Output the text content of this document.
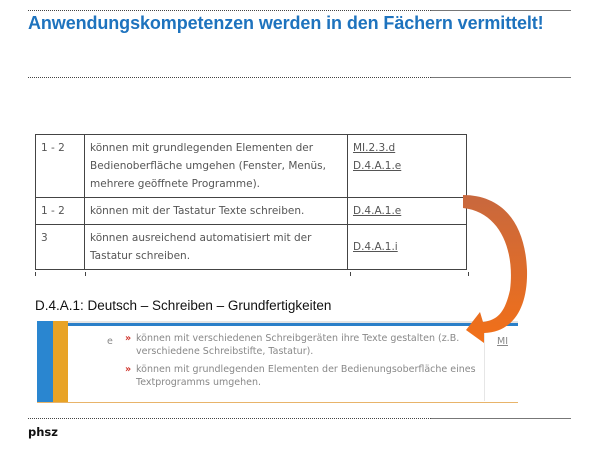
Anwendungskompetenzen werden in den Fächern vermittelt!
1 - 2	können mit grundlegenden Elementen der Bedienoberfläche umgehen (Fenster, Menüs, mehrere geöffnete Programme).	MI.2.3.d
D.4.A.1.e

1 - 2	können mit der Tastatur Texte schreiben.	D.4.A.1.e

3	können ausreichend automatisiert mit der Tastatur schreiben.	D.4.A.1.i
D.4.A.1: Deutsch – Schreiben – Grundfertigkeiten
e » können mit verschiedenen Schreibgeräten ihre Texte gestalten (z.B. verschiedene Schreibstifte, Tastatur).
» können mit grundlegenden Elementen der Bedienungsoberfläche eines Textprogramms umgehen.
MI
phsz
